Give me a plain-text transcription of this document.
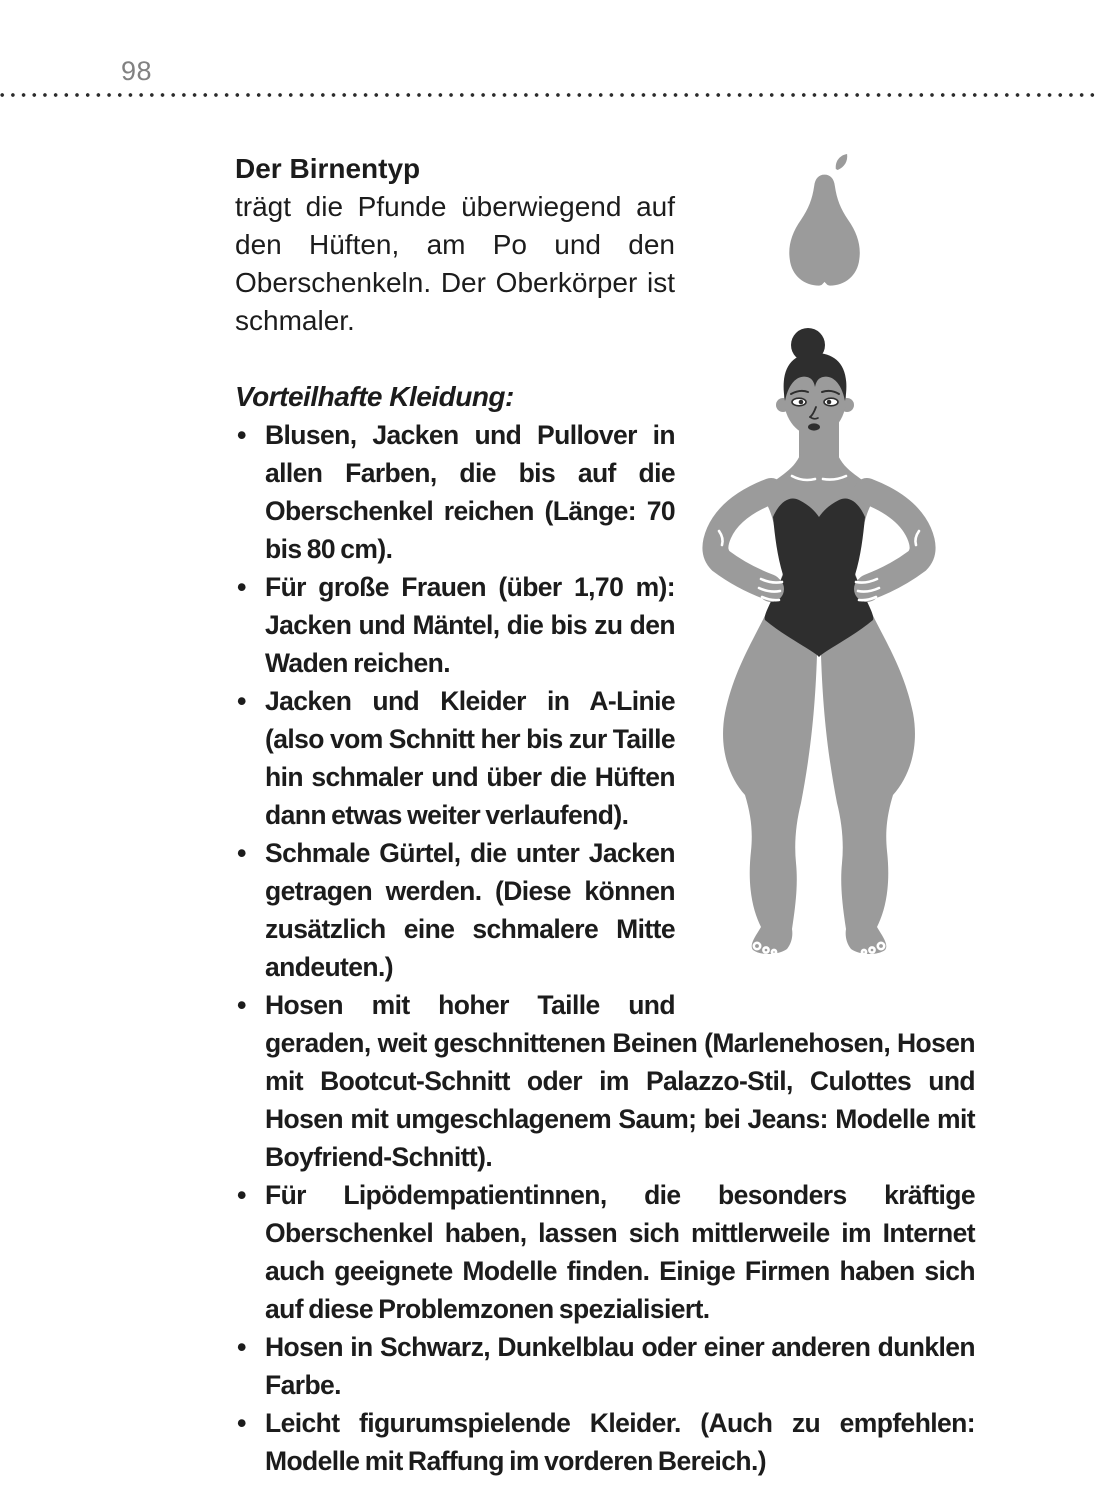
98
Der Birnentyp

trägt die Pfunde überwiegend auf den Hüften, am Po und den Oberschenkeln. Der Oberkörper ist schmaler.

Vorteilhafte Kleidung:

• Blusen, Jacken und Pullover in allen Farben, die bis auf die Oberschenkel reichen (Länge: 70 bis 80 cm).
• Für große Frauen (über 1,70 m): Jacken und Mäntel, die bis zu den Waden reichen.
• Jacken und Kleider in A-Linie (also vom Schnitt her bis zur Taille hin schmaler und über die Hüften dann etwas weiter verlaufend).
• Schmale Gürtel, die unter Jacken getragen werden. (Diese können zusätzlich eine schmalere Mitte andeuten.)
• Hosen mit hoher Taille und geraden, weit geschnittenen Beinen (Marlenehosen, Hosen mit Bootcut-Schnitt oder im Palazzo-Stil, Culottes und Hosen mit umgeschlagenem Saum; bei Jeans: Modelle mit Boyfriend-Schnitt).
• Für Lipödempatientinnen, die besonders kräftige Oberschenkel haben, lassen sich mittlerweile im Internet auch geeignete Modelle finden. Einige Firmen haben sich auf diese Problemzonen spezialisiert.
• Hosen in Schwarz, Dunkelblau oder einer anderen dunklen Farbe.
• Leicht figurumspielende Kleider. (Auch zu empfehlen: Modelle mit Raffung im vorderen Bereich.)
